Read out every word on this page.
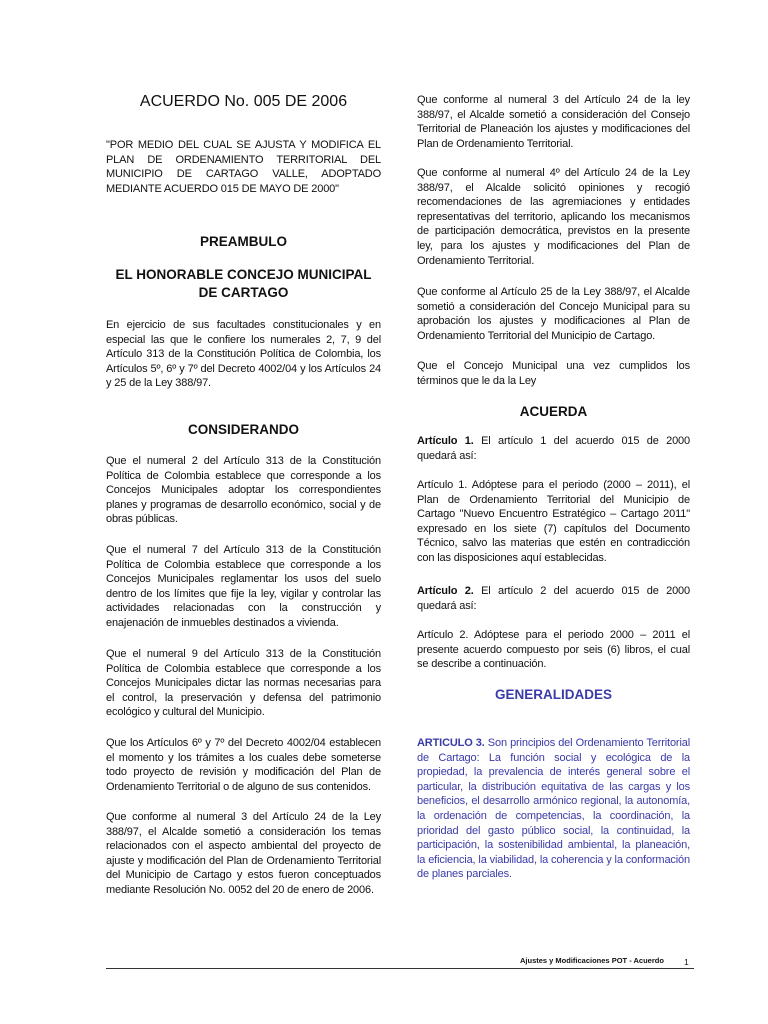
ACUERDO No. 005 DE 2006

"POR MEDIO DEL CUAL SE AJUSTA Y MODIFICA EL PLAN DE ORDENAMIENTO TERRITORIAL DEL MUNICIPIO DE CARTAGO VALLE, ADOPTADO MEDIANTE ACUERDO 015 DE MAYO DE 2000"

PREAMBULO
EL HONORABLE CONCEJO MUNICIPAL DE CARTAGO

En ejercicio de sus facultades constitucionales y en especial las que le confiere los numerales 2, 7, 9 del Artículo 313 de la Constitución Política de Colombia, los Artículos 5º, 6º y 7º del Decreto 4002/04 y los Artículos 24 y 25 de la Ley 388/97.

CONSIDERANDO

Que el numeral 2 del Artículo 313 de la Constitución Política de Colombia establece que corresponde a los Concejos Municipales adoptar los correspondientes planes y programas de desarrollo económico, social y de obras públicas.

Que el numeral 7 del Artículo 313 de la Constitución Política de Colombia establece que corresponde a los Concejos Municipales reglamentar los usos del suelo dentro de los límites que fije la ley, vigilar y controlar las actividades relacionadas con la construcción y enajenación de inmuebles destinados a vivienda.

Que el numeral 9 del Artículo 313 de la Constitución Política de Colombia establece que corresponde a los Concejos Municipales dictar las normas necesarias para el control, la preservación y defensa del patrimonio ecológico y cultural del Municipio.

Que los Artículos 6º y 7º del Decreto 4002/04 establecen el momento y los trámites a los cuales debe someterse todo proyecto de revisión y modificación del Plan de Ordenamiento Territorial o de alguno de sus contenidos.

Que conforme al numeral 3 del Artículo 24 de la Ley 388/97, el Alcalde sometió a consideración los temas relacionados con el aspecto ambiental del proyecto de ajuste y modificación del Plan de Ordenamiento Territorial del Municipio de Cartago y estos fueron conceptuados mediante Resolución No. 0052 del 20 de enero de 2006.

Que conforme al numeral 3 del Artículo 24 de la ley 388/97, el Alcalde sometió a consideración del Consejo Territorial de Planeación los ajustes y modificaciones del Plan de Ordenamiento Territorial.

Que conforme al numeral 4º del Artículo 24 de la Ley 388/97, el Alcalde solicitó opiniones y recogió recomendaciones de las agremiaciones y entidades representativas del territorio, aplicando los mecanismos de participación democrática, previstos en la presente ley, para los ajustes y modificaciones del Plan de Ordenamiento Territorial.

Que conforme al Artículo 25 de la Ley 388/97, el Alcalde sometió a consideración del Concejo Municipal para su aprobación los ajustes y modificaciones al Plan de Ordenamiento Territorial del Municipio de Cartago.

Que el Concejo Municipal una vez cumplidos los términos que le da la Ley

ACUERDA

Artículo 1. El artículo 1 del acuerdo 015 de 2000 quedará así:

Artículo 1. Adóptese para el periodo (2000 – 2011), el Plan de Ordenamiento Territorial del Municipio de Cartago "Nuevo Encuentro Estratégico – Cartago 2011" expresado en los siete (7) capítulos del Documento Técnico, salvo las materias que estén en contradicción con las disposiciones aquí establecidas.

Artículo 2. El artículo 2 del acuerdo 015 de 2000 quedará así:

Artículo 2. Adóptese para el periodo 2000 – 2011 el presente acuerdo compuesto por seis (6) libros, el cual se describe a continuación.

GENERALIDADES

ARTICULO 3. Son principios del Ordenamiento Territorial de Cartago: La función social y ecológica de la propiedad, la prevalencia de interés general sobre el particular, la distribución equitativa de las cargas y los beneficios, el desarrollo armónico regional, la autonomía, la ordenación de competencias, la coordinación, la prioridad del gasto público social, la continuidad, la participación, la sostenibilidad ambiental, la planeación, la eficiencia, la viabilidad, la coherencia y la conformación de planes parciales.

Ajustes y Modificaciones POT - Acuerdo 1
